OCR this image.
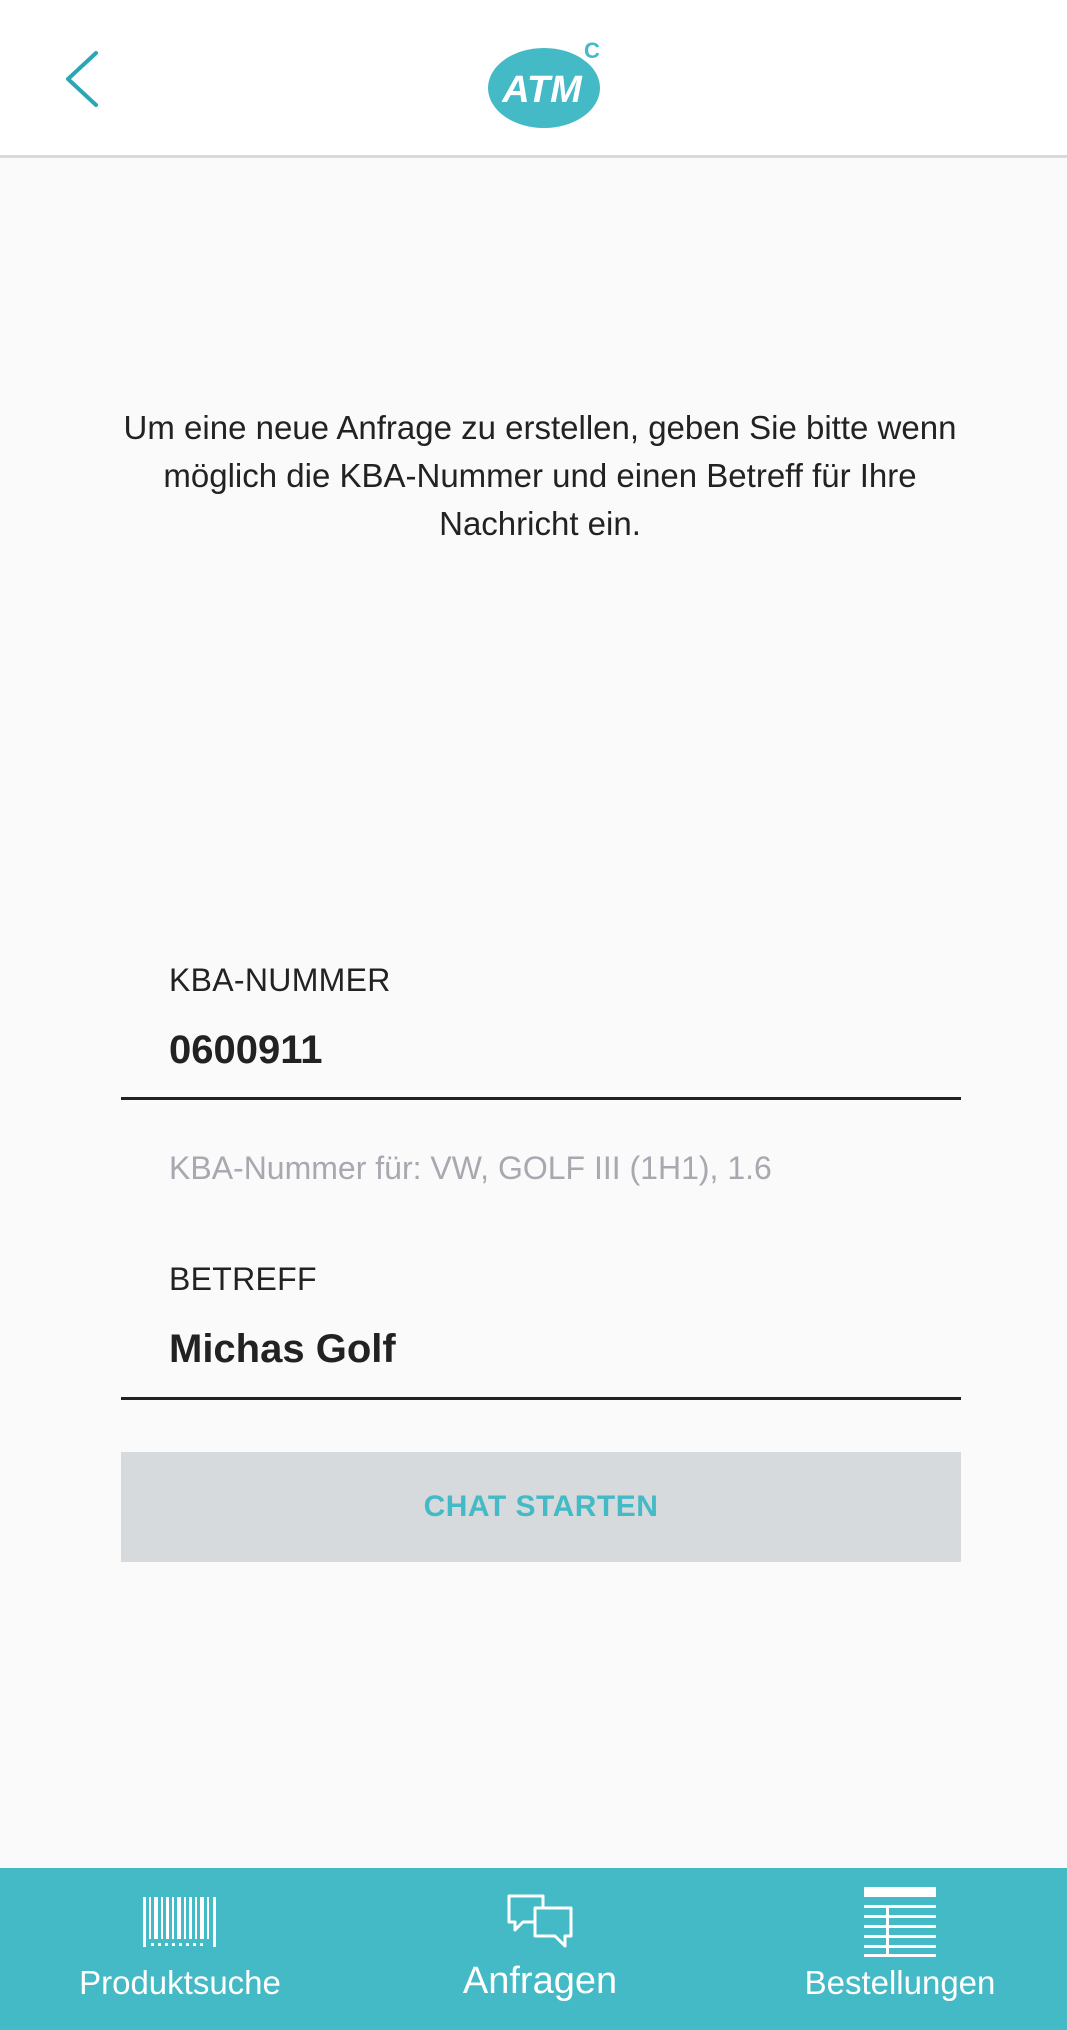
ATM
C

Um eine neue Anfrage zu erstellen, geben Sie bitte wenn möglich die KBA-Nummer und einen Betreff für Ihre Nachricht ein.

KBA-NUMMER
0600911

KBA-Nummer für: VW, GOLF III (1H1), 1.6

BETREFF
Michas Golf
CHAT STARTEN
Produktsuche	Anfragen	Bestellungen
